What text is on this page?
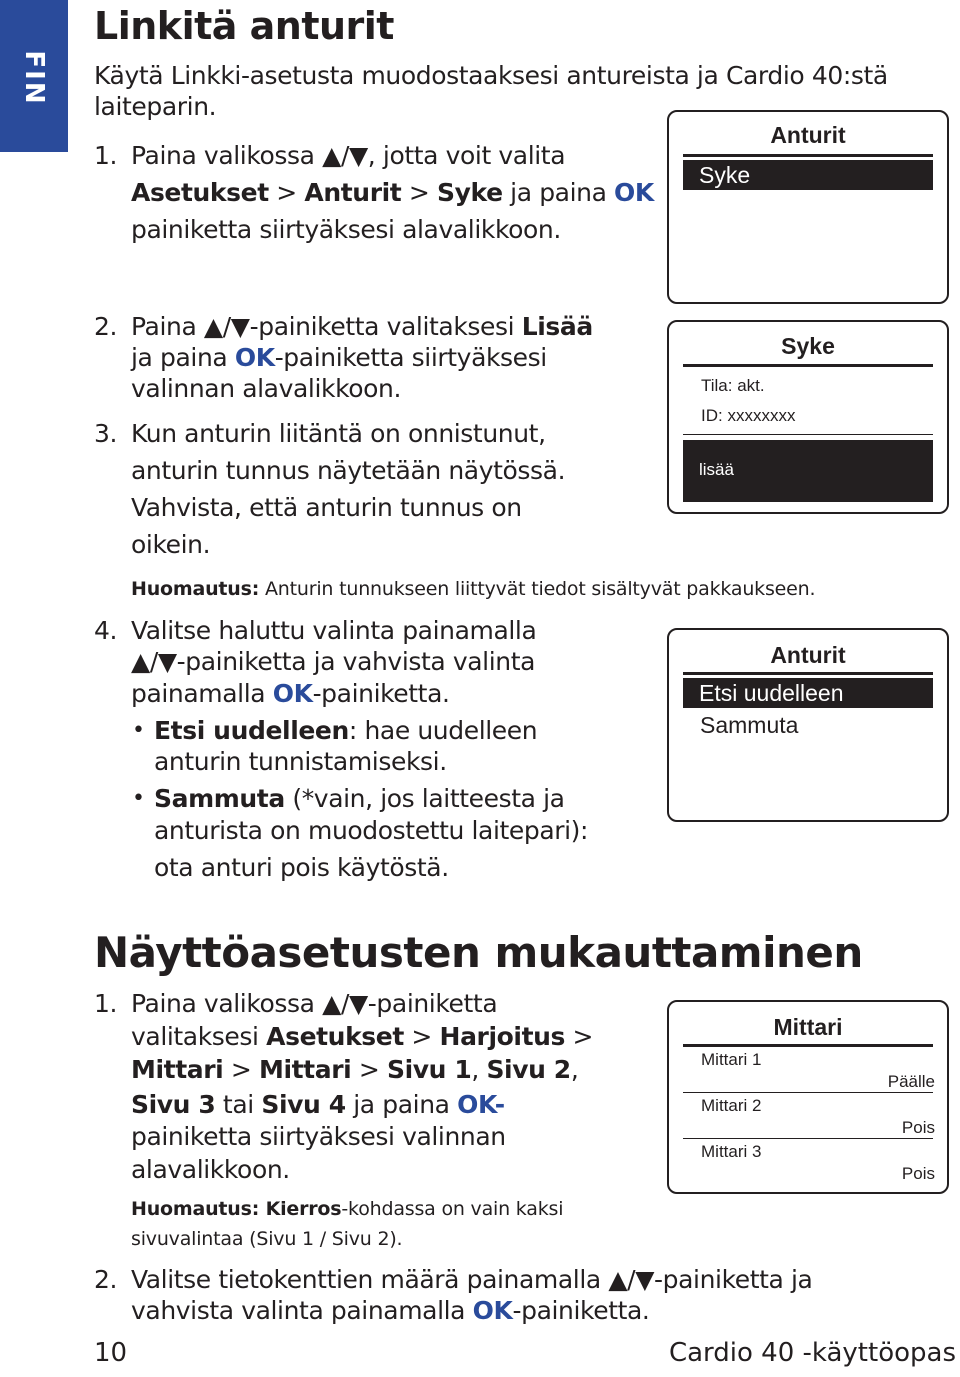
FIN
Linkitä anturit
Käytä Linkki-asetusta muodostaaksesi antureista ja Cardio 40:stä
laiteparin.
1. Paina valikossa ▲/▼, jotta voit valita
Asetukset > Anturit > Syke ja paina OK
painiketta siirtyäksesi alavalikkoon.
Anturit
Syke
2. Paina ▲/▼-painiketta valitaksesi Lisää
ja paina OK-painiketta siirtyäksesi
valinnan alavalikkoon.
3. Kun anturin liitäntä on onnistunut,
anturin tunnus näytetään näytössä.
Vahvista, että anturin tunnus on
oikein.
Syke
Tila: akt.
ID: xxxxxxxx
lisää
Huomautus: Anturin tunnukseen liittyvät tiedot sisältyvät pakkaukseen.
4. Valitse haluttu valinta painamalla
▲/▼-painiketta ja vahvista valinta
painamalla OK-painiketta.
• Etsi uudelleen: hae uudelleen
anturin tunnistamiseksi.
• Sammuta (*vain, jos laitteesta ja
anturista on muodostettu laitepari):
ota anturi pois käytöstä.
Anturit
Etsi uudelleen
Sammuta
Näyttöasetusten mukauttaminen
1. Paina valikossa ▲/▼-painiketta
valitaksesi Asetukset > Harjoitus >
Mittari > Mittari > Sivu 1, Sivu 2,
Sivu 3 tai Sivu 4 ja paina OK-
painiketta siirtyäksesi valinnan
alavalikkoon.
Mittari
Mittari 1
Päälle
Mittari 2
Pois
Mittari 3
Pois
Huomautus: Kierros-kohdassa on vain kaksi
sivuvalintaa (Sivu 1 / Sivu 2).
2. Valitse tietokenttien määrä painamalla ▲/▼-painiketta ja
vahvista valinta painamalla OK-painiketta.
10	Cardio 40 -käyttöopas
